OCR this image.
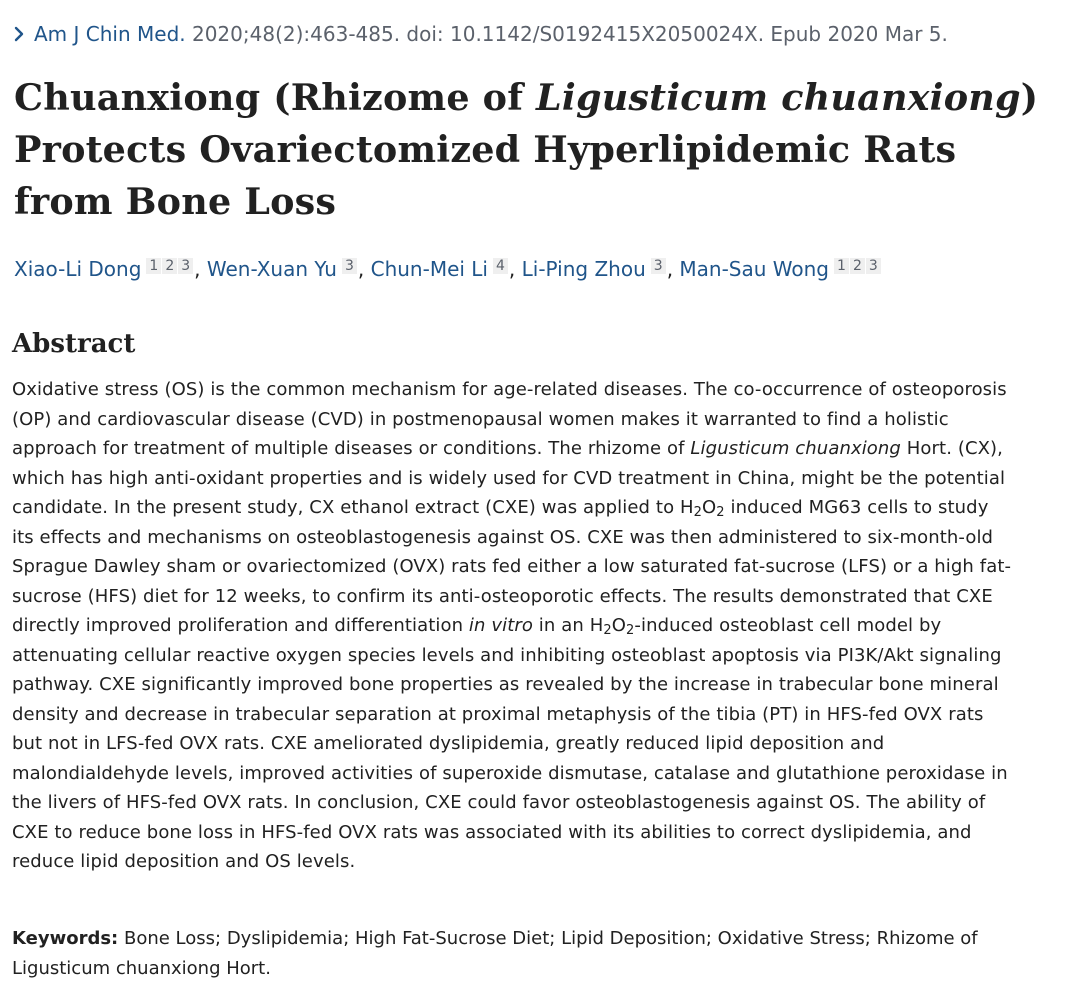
Am J Chin Med. 2020;48(2):463-485. doi: 10.1142/S0192415X2050024X. Epub 2020 Mar 5.
Chuanxiong (Rhizome of Ligusticum chuanxiong) Protects Ovariectomized Hyperlipidemic Rats from Bone Loss
Xiao-Li Dong 1 2 3 , Wen-Xuan Yu 3 , Chun-Mei Li 4 , Li-Ping Zhou 3 , Man-Sau Wong 1 2 3
Abstract

Oxidative stress (OS) is the common mechanism for age-related diseases. The co-occurrence of osteoporosis (OP) and cardiovascular disease (CVD) in postmenopausal women makes it warranted to find a holistic approach for treatment of multiple diseases or conditions. The rhizome of Ligusticum chuanxiong Hort. (CX), which has high anti-oxidant properties and is widely used for CVD treatment in China, might be the potential candidate. In the present study, CX ethanol extract (CXE) was applied to $H_2O_2$ induced MG63 cells to study its effects and mechanisms on osteoblastogenesis against OS. CXE was then administered to six-month-old Sprague Dawley sham or ovariectomized (OVX) rats fed either a low saturated fat-sucrose (LFS) or a high fat-sucrose (HFS) diet for 12 weeks, to confirm its anti-osteoporotic effects. The results demonstrated that CXE directly improved proliferation and differentiation in vitro in an $H_2O_2$-induced osteoblast cell model by attenuating cellular reactive oxygen species levels and inhibiting osteoblast apoptosis via PI3K/Akt signaling pathway. CXE significantly improved bone properties as revealed by the increase in trabecular bone mineral density and decrease in trabecular separation at proximal metaphysis of the tibia (PT) in HFS-fed OVX rats but not in LFS-fed OVX rats. CXE ameliorated dyslipidemia, greatly reduced lipid deposition and malondialdehyde levels, improved activities of superoxide dismutase, catalase and glutathione peroxidase in the livers of HFS-fed OVX rats. In conclusion, CXE could favor osteoblastogenesis against OS. The ability of CXE to reduce bone loss in HFS-fed OVX rats was associated with its abilities to correct dyslipidemia, and reduce lipid deposition and OS levels.

Keywords: Bone Loss; Dyslipidemia; High Fat-Sucrose Diet; Lipid Deposition; Oxidative Stress; Rhizome of Ligusticum chuanxiong Hort.
